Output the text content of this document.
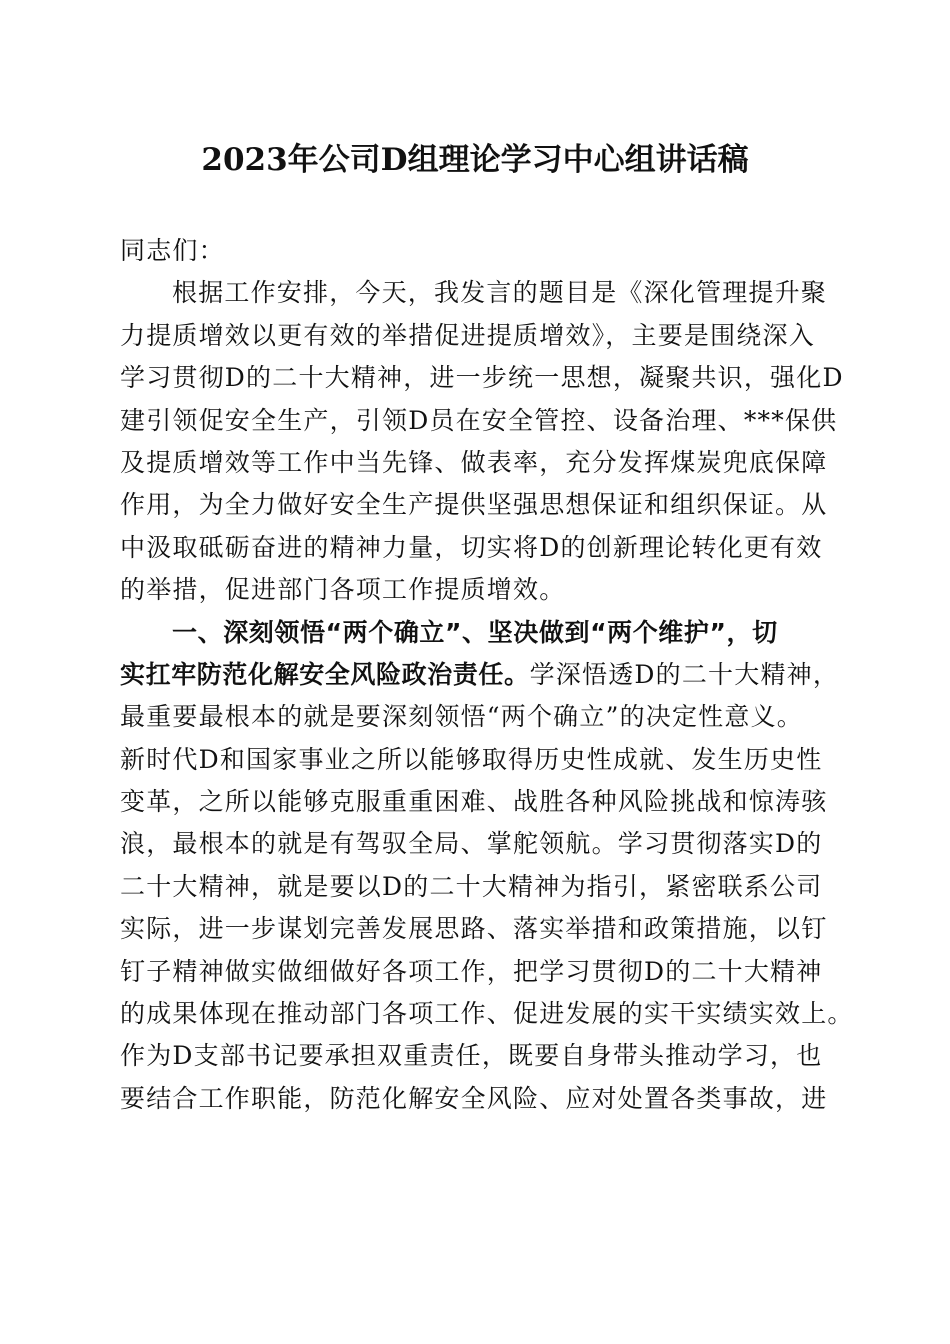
2023年公司D组理论学习中心组讲话稿

同志们：

根据工作安排，今天，我发言的题目是《深化管理提升聚

力提质增效以更有效的举措促进提质增效》，主要是围绕深入

学习贯彻D的二十大精神，进一步统一思想，凝聚共识，强化D

建引领促安全生产，引领D员在安全管控、设备治理、***保供

及提质增效等工作中当先锋、做表率，充分发挥煤炭兜底保障

作用，为全力做好安全生产提供坚强思想保证和组织保证。从

中汲取砥砺奋进的精神力量，切实将D的创新理论转化更有效

的举措，促进部门各项工作提质增效。

一、深刻领悟“两个确立”、坚决做到“两个维护”，切

实扛牢防范化解安全风险政治责任。学深悟透D的二十大精神，

最重要最根本的就是要深刻领悟“两个确立”的决定性意义。

新时代D和国家事业之所以能够取得历史性成就、发生历史性

变革，之所以能够克服重重困难、战胜各种风险挑战和惊涛骇

浪，最根本的就是有驾驭全局、掌舵领航。学习贯彻落实D的

二十大精神，就是要以D的二十大精神为指引，紧密联系公司

实际，进一步谋划完善发展思路、落实举措和政策措施，以钉

钉子精神做实做细做好各项工作，把学习贯彻D的二十大精神

的成果体现在推动部门各项工作、促进发展的实干实绩实效上。

作为D支部书记要承担双重责任，既要自身带头推动学习，也

要结合工作职能，防范化解安全风险、应对处置各类事故，进
